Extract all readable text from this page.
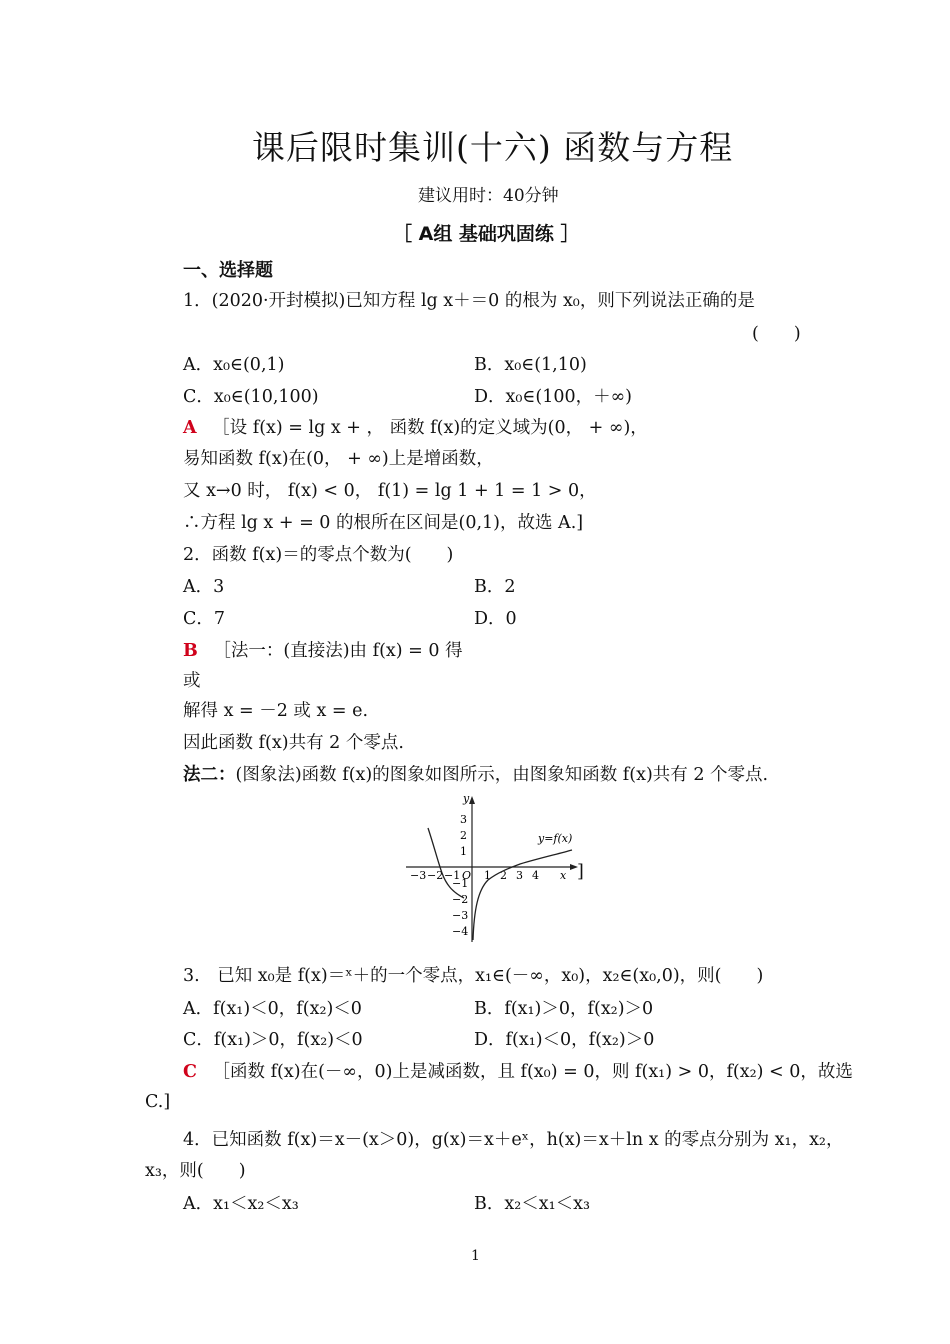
课后限时集训(十六) 函数与方程
建议用时：40分钟
［ A组 基础巩固练 ］
一、选择题
1．(2020·开封模拟)已知方程 lg x＋＝0 的根为 x₀，则下列说法正确的是
(　　)
A．x₀∈(0,1)	B．x₀∈(1,10)
C．x₀∈(10,100)	D．x₀∈(100，＋∞)
A ［设 f(x) = lg x + ， 函数 f(x)的定义域为(0， + ∞)，
易知函数 f(x)在(0， + ∞)上是增函数，
又 x→0 时， f(x) < 0， f(1) = lg 1 + 1 = 1 > 0，
∴方程 lg x + = 0 的根所在区间是(0,1)，故选 A.]
2．函数 f(x)＝的零点个数为(　　)
A．3	B．2
C．7	D．0
B ［法一：(直接法)由 f(x) = 0 得
或
解得 x = －2 或 x = e.
因此函数 f(x)共有 2 个零点.
法二：(图象法)函数 f(x)的图象如图所示，由图象知函数 f(x)共有 2 个零点.
y
x
y=f(x)
3
2
1
−1
−2
−3
−4
−3 −2 −1 O 1 2 3 4 ]
3.　已知 x₀是 f(x)＝ˣ＋的一个零点，x₁∈(－∞，x₀)，x₂∈(x₀,0)，则(　　)
A．f(x₁)＜0，f(x₂)＜0	B．f(x₁)＞0，f(x₂)＞0
C．f(x₁)＞0，f(x₂)＜0	D．f(x₁)＜0，f(x₂)＞0
C ［函数 f(x)在(－∞，0)上是减函数，且 f(x₀) = 0，则 f(x₁) > 0，f(x₂) < 0，故选
C.]
4．已知函数 f(x)＝x－(x＞0)，g(x)＝x＋eˣ，h(x)＝x＋ln x 的零点分别为 x₁，x₂，
x₃，则(　　)
A．x₁＜x₂＜x₃	B．x₂＜x₁＜x₃
1
